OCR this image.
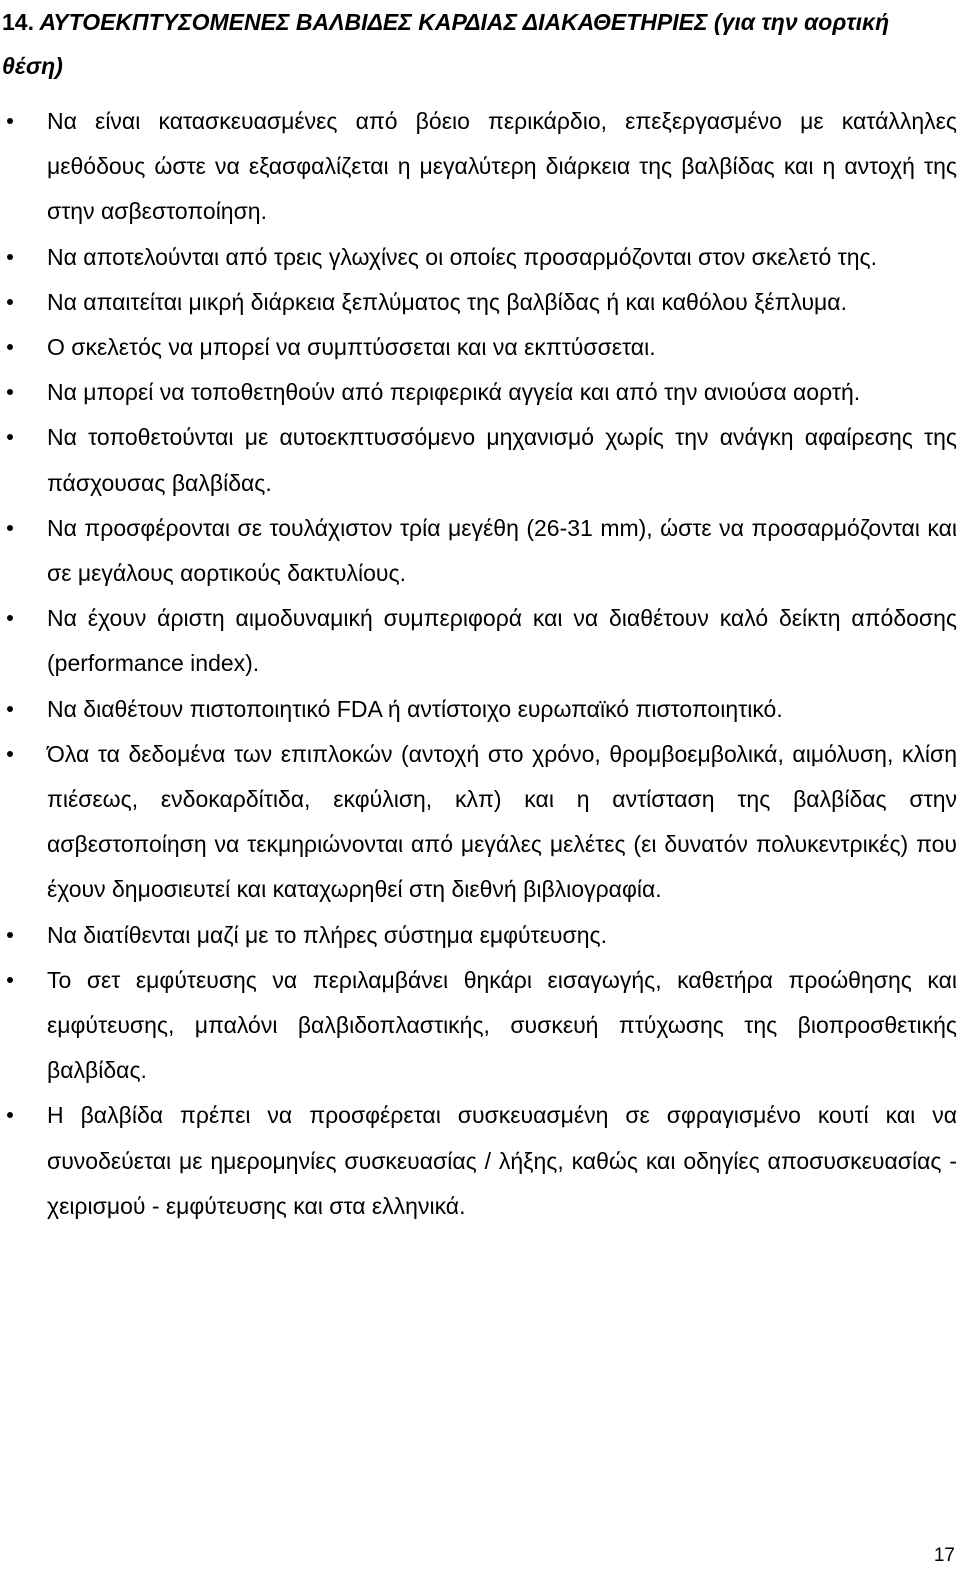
14. ΑΥΤΟΕΚΠΤΥΣΟΜΕΝΕΣ ΒΑΛΒΙΔΕΣ ΚΑΡΔΙΑΣ ΔΙΑΚΑΘΕΤΗΡΙΕΣ (για την αορτική θέση)
Να είναι κατασκευασμένες από βόειο περικάρδιο, επεξεργασμένο με κατάλληλες μεθόδους ώστε να εξασφαλίζεται η μεγαλύτερη διάρκεια της βαλβίδας και η αντοχή της στην ασβεστοποίηση.
Να αποτελούνται από τρεις γλωχίνες οι οποίες προσαρμόζονται στον σκελετό της.
Να απαιτείται μικρή διάρκεια ξεπλύματος της βαλβίδας ή και καθόλου ξέπλυμα.
Ο σκελετός να μπορεί να συμπτύσσεται και να εκπτύσσεται.
Να μπορεί να τοποθετηθούν από περιφερικά αγγεία και από την ανιούσα αορτή.
Να τοποθετούνται με αυτοεκπτυσσόμενο μηχανισμό χωρίς την ανάγκη αφαίρεσης της πάσχουσας βαλβίδας.
Να προσφέρονται σε τουλάχιστον τρία μεγέθη (26-31 mm), ώστε να προσαρμόζονται και σε μεγάλους αορτικούς δακτυλίους.
Να έχουν άριστη αιμοδυναμική συμπεριφορά και να διαθέτουν καλό δείκτη απόδοσης (performance index).
Να διαθέτουν πιστοποιητικό FDA ή αντίστοιχο ευρωπαϊκό πιστοποιητικό.
Όλα τα δεδομένα των επιπλοκών (αντοχή στο χρόνο, θρομβοεμβολικά, αιμόλυση, κλίση πιέσεως, ενδοκαρδίτιδα, εκφύλιση, κλπ) και η αντίσταση της βαλβίδας στην ασβεστοποίηση να τεκμηριώνονται από μεγάλες μελέτες (ει δυνατόν πολυκεντρικές) που έχουν δημοσιευτεί και καταχωρηθεί στη διεθνή βιβλιογραφία.
Να διατίθενται μαζί με το πλήρες σύστημα εμφύτευσης.
Το σετ εμφύτευσης να περιλαμβάνει θηκάρι εισαγωγής, καθετήρα προώθησης και εμφύτευσης, μπαλόνι βαλβιδοπλαστικής, συσκευή πτύχωσης της βιοπροσθετικής βαλβίδας.
Η βαλβίδα πρέπει να προσφέρεται συσκευασμένη σε σφραγισμένο κουτί και να συνοδεύεται με ημερομηνίες συσκευασίας / λήξης, καθώς και οδηγίες αποσυσκευασίας - χειρισμού - εμφύτευσης και στα ελληνικά.
17
